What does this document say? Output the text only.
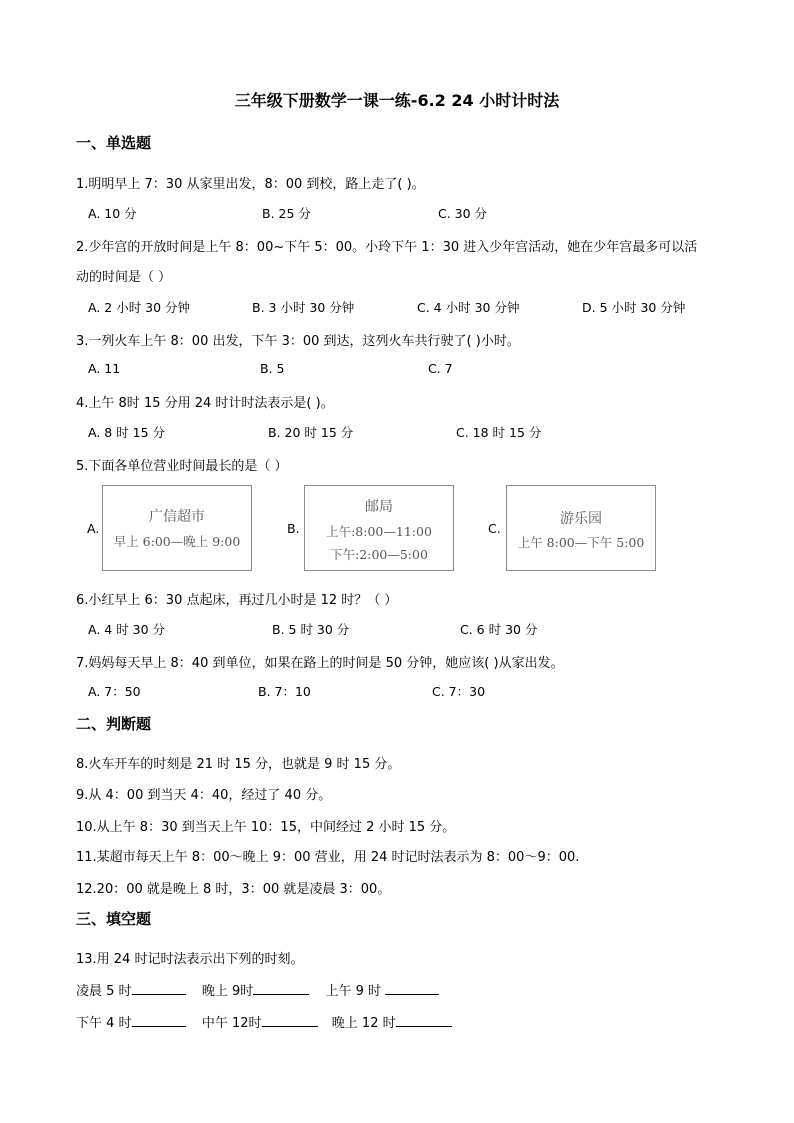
三年级下册数学一课一练-6.2 24 小时计时法
一、单选题
1.明明早上 7：30 从家里出发，8：00 到校，路上走了( )。
A. 10 分	B. 25 分	C. 30 分
2.少年宫的开放时间是上午 8：00~下午 5：00。小玲下午 1：30 进入少年宫活动，她在少年宫最多可以活
动的时间是（ ）
A. 2 小时 30 分钟	B. 3 小时 30 分钟	C. 4 小时 30 分钟	D. 5 小时 30 分钟
3.一列火车上午 8：00 出发，下午 3：00 到达，这列火车共行驶了( )小时。
A. 11	B. 5	C. 7
4.上午 8时 15 分用 24 时计时法表示是( )。
A. 8 时 15 分	B. 20 时 15 分	C. 18 时 15 分
5.下面各单位营业时间最长的是（ ）
A.
广信超市
早上 6:00—晚上 9:00
B.
邮局
上午:8:00—11:00
下午:2:00—5:00
C.
游乐园
上午 8:00—下午 5:00
6.小红早上 6：30 点起床，再过几小时是 12 时？（ ）
A. 4 时 30 分	B. 5 时 30 分	C. 6 时 30 分
7.妈妈每天早上 8：40 到单位，如果在路上的时间是 50 分钟，她应该( )从家出发。
A. 7：50	B. 7：10	C. 7：30
二、判断题
8.火车开车的时刻是 21 时 15 分，也就是 9 时 15 分。
9.从 4：00 到当天 4：40，经过了 40 分。
10.从上午 8：30 到当天上午 10：15，中间经过 2 小时 15 分。
11.某超市每天上午 8：00～晚上 9：00 营业，用 24 时记时法表示为 8：00～9：00.
12.20：00 就是晚上 8 时，3：00 就是凌晨 3：00。
三、填空题
13.用 24 时记时法表示出下列的时刻。
凌晨 5 时	晚上 9时	上午 9 时
下午 4 时	中午 12时	晚上 12 时
